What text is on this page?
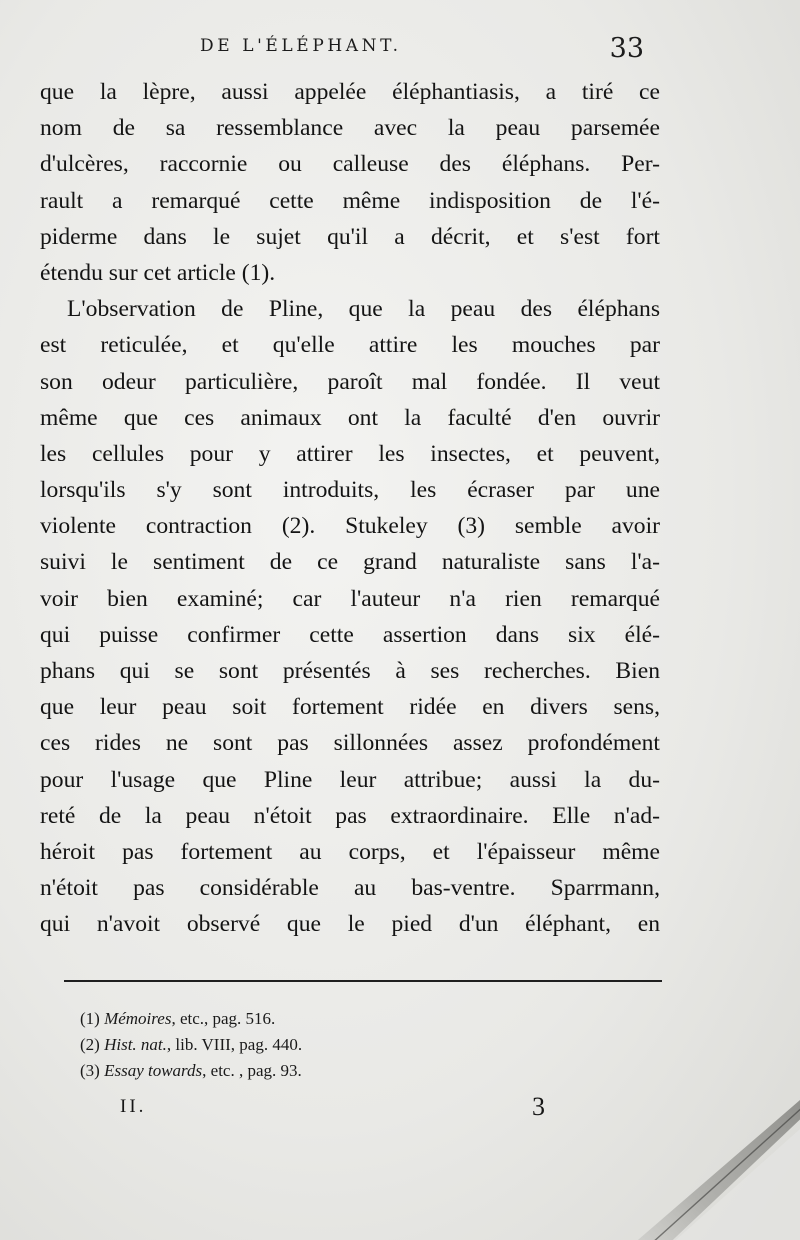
DE L'ÉLÉPHANT.	33
que la lèpre, aussi appelée éléphantiasis, a tiré ce
nom de sa ressemblance avec la peau parsemée
d'ulcères, raccornie ou calleuse des éléphans. Per-
rault a remarqué cette même indisposition de l'é-
piderme dans le sujet qu'il a décrit, et s'est fort
étendu sur cet article (1).
L'observation de Pline, que la peau des éléphans
est reticulée, et qu'elle attire les mouches par
son odeur particulière, paroît mal fondée. Il veut
même que ces animaux ont la faculté d'en ouvrir
les cellules pour y attirer les insectes, et peuvent,
lorsqu'ils s'y sont introduits, les écraser par une
violente contraction (2). Stukeley (3) semble avoir
suivi le sentiment de ce grand naturaliste sans l'a-
voir bien examiné; car l'auteur n'a rien remarqué
qui puisse confirmer cette assertion dans six élé-
phans qui se sont présentés à ses recherches. Bien
que leur peau soit fortement ridée en divers sens,
ces rides ne sont pas sillonnées assez profondément
pour l'usage que Pline leur attribue; aussi la du-
reté de la peau n'étoit pas extraordinaire. Elle n'ad-
héroit pas fortement au corps, et l'épaisseur même
n'étoit pas considérable au bas-ventre. Sparrmann,
qui n'avoit observé que le pied d'un éléphant, en
(1) Mémoires, etc., pag. 516.
(2) Hist. nat., lib. VIII, pag. 440.
(3) Essay towards, etc. , pag. 93.
II.	3
